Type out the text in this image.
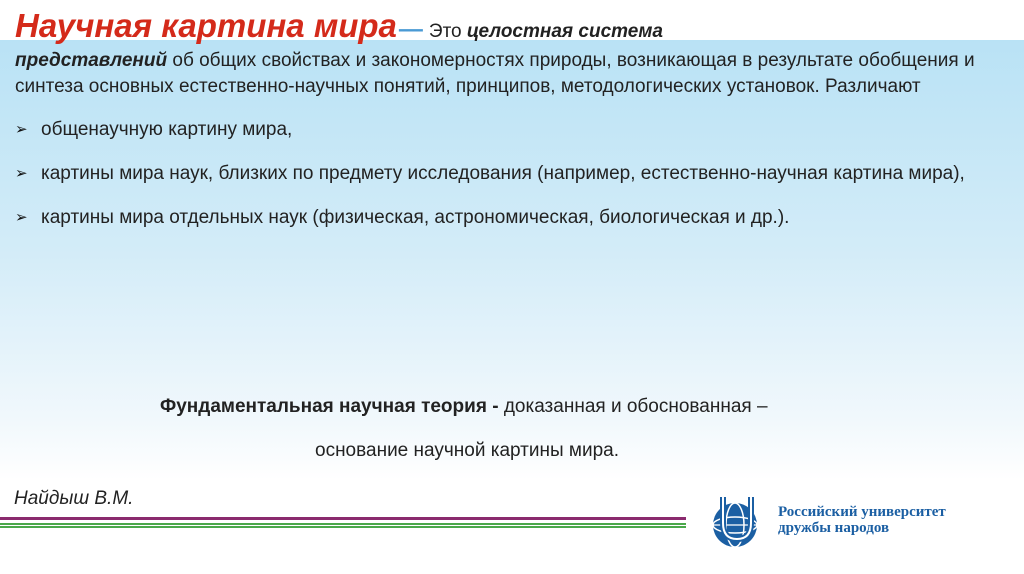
Научная картина мира— Это целостная система
представлений об общих свойствах и закономерностях природы, возникающая в результате обобщения и синтеза основных естественно-научных понятий, принципов, методологических установок. Различают
➢ общенаучную картину мира,
➢ картины мира наук, близких по предмету исследования (например, естественно-научная картина мира),
➢ картины мира отдельных наук (физическая, астрономическая, биологическая и др.).
Фундаментальная научная теория - доказанная и обоснованная –
основание научной картины мира.
Найдыш В.М.
Российский университет
дружбы народов
